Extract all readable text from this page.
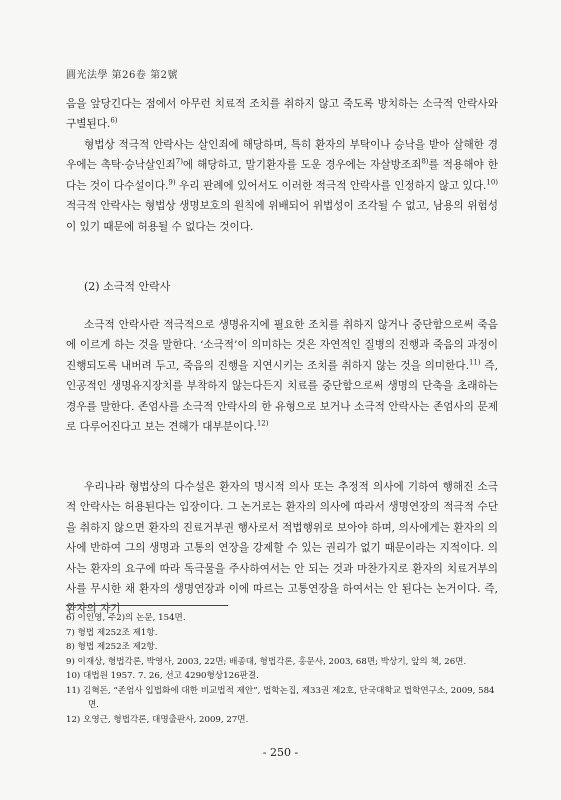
圓光法學 第26卷 第2號
음을 앞당긴다는 점에서 아무런 치료적 조치를 취하지 않고 죽도록 방치하는 소극적 안락사와 구별된다.$^{6)}$
형법상 적극적 안락사는 살인죄에 해당하며, 특히 환자의 부탁이나 승낙을 받아 살해한 경우에는 촉탁·승낙살인죄$^{7)}$에 해당하고, 말기환자를 도운 경우에는 자살방조죄$^{8)}$를 적용해야 한다는 것이 다수설이다.$^{9)}$ 우리 판례에 있어서도 이러한 적극적 안락사를 인정하지 않고 있다.$^{10)}$ 적극적 안락사는 형법상 생명보호의 원칙에 위배되어 위법성이 조각될 수 없고, 남용의 위험성이 있기 때문에 허용될 수 없다는 것이다.
(2) 소극적 안락사
소극적 안락사란 적극적으로 생명유지에 필요한 조치를 취하지 않거나 중단함으로써 죽음에 이르게 하는 것을 말한다. ‘소극적’이 의미하는 것은 자연적인 질병의 진행과 죽음의 과정이 진행되도록 내버려 두고, 죽음의 진행을 지연시키는 조치를 취하지 않는 것을 의미한다.$^{11)}$ 즉, 인공적인 생명유지장치를 부착하지 않는다든지 치료를 중단함으로써 생명의 단축을 초래하는 경우를 말한다. 존엄사를 소극적 안락사의 한 유형으로 보거나 소극적 안락사는 존엄사의 문제로 다루어진다고 보는 견해가 대부분이다.$^{12)}$
우리나라 형법상의 다수설은 환자의 명시적 의사 또는 추정적 의사에 기하여 행해진 소극적 안락사는 허용된다는 입장이다. 그 논거로는 환자의 의사에 따라서 생명연장의 적극적 수단을 취하지 않으면 환자의 진료거부권 행사로서 적법행위로 보아야 하며, 의사에게는 환자의 의사에 반하여 그의 생명과 고통의 연장을 강제할 수 있는 권리가 없기 때문이라는 지적이다. 의사는 환자의 요구에 따라 독극물을 주사하여서는 안 되는 것과 마찬가지로 환자의 치료거부의사를 무시한 채 환자의 생명연장과 이에 따르는 고통연장을 하여서는 안 된다는 논거이다. 즉, 환자의 자기
6) 이인영, 주2)의 논문, 154면.
7) 형법 제252조 제1항.
8) 형법 제252조 제2항.
9) 이재상, 형법각론, 박영사, 2003, 22면; 배종대, 형법각론, 홍문사, 2003, 68면; 박상기, 앞의 책, 26면.
10) 대법원 1957. 7. 26, 선고 4290형상126판결.
11) 김혁돈, “존엄사 입법화에 대한 비교법적 제안”, 법학논집, 제33권 제2호, 단국대학교 법학연구소, 2009, 584면.
12) 오영근, 형법각론, 대명출판사, 2009, 27면.
- 250 -
